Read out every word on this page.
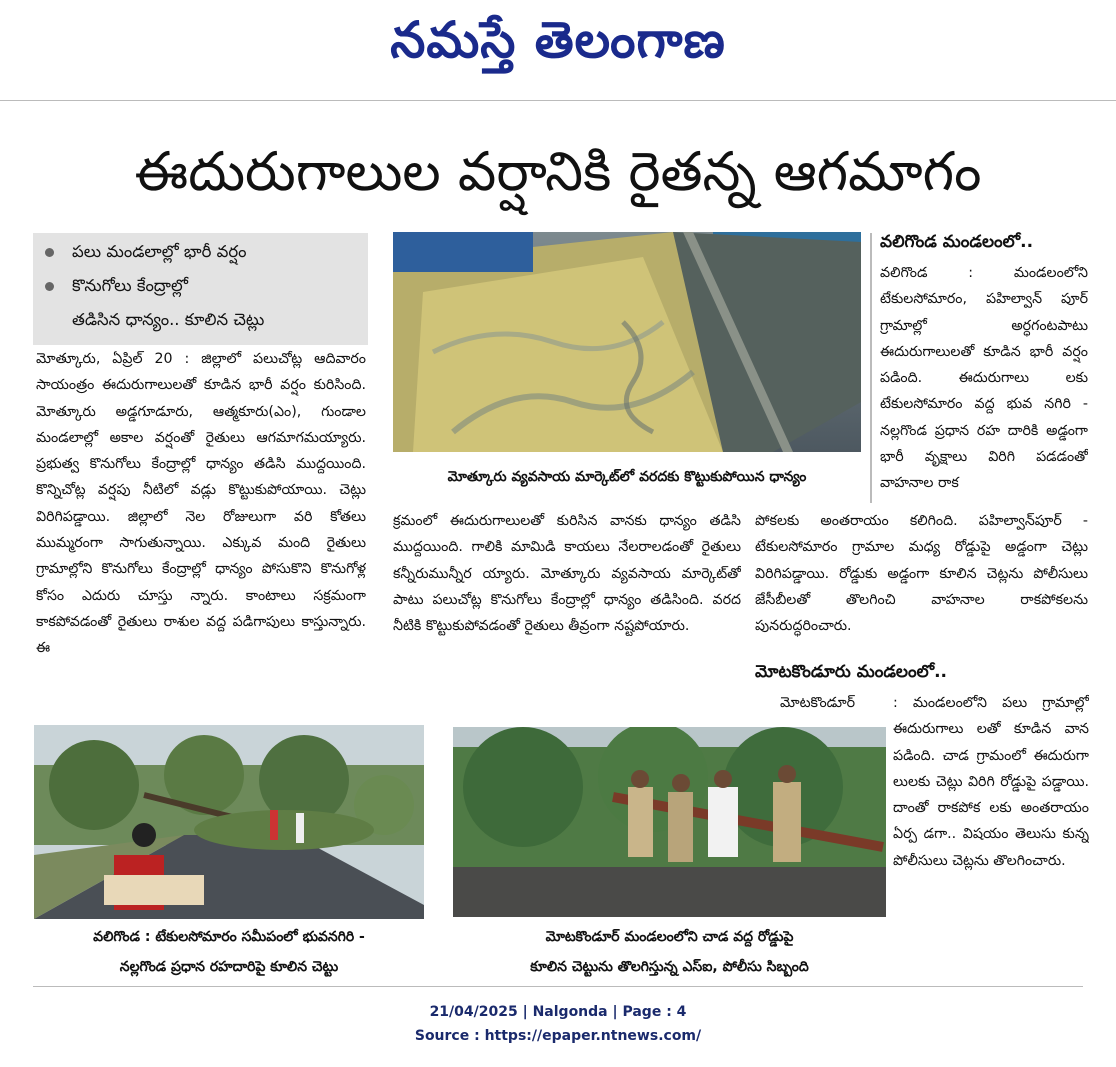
నమస్తే తెలంగాణ
ఈదురుగాలుల వర్షానికి రైతన్న ఆగమాగం
పలు మండలాల్లో భారీ వర్షం
కొనుగోలు కేంద్రాల్లో
తడిసిన ధాన్యం.. కూలిన చెట్లు

మోత్కూరు, ఏప్రిల్ 20 : జిల్లాలో పలుచోట్ల ఆదివారం సాయంత్రం ఈదురుగాలులతో కూడిన భారీ వర్షం కురిసింది. మోత్కూరు అడ్డగూడూరు, ఆత్మకూరు(ఎం), గుండాల మండలాల్లో అకాల వర్షంతో రైతులు ఆగమాగమయ్యారు. ప్రభుత్వ కొనుగోలు కేంద్రాల్లో ధాన్యం తడిసి ముద్దయింది. కొన్నిచోట్ల వర్షపు నీటిలో వడ్లు కొట్టుకుపోయాయి. చెట్లు విరిగిపడ్డాయి. జిల్లాలో నెల రోజులుగా వరి కోతలు ముమ్మరంగా సాగుతున్నాయి. ఎక్కువ మంది రైతులు గ్రామాల్లోని కొనుగోలు కేంద్రాల్లో ధాన్యం పోసుకొని కొనుగోళ్ల కోసం ఎదురు చూస్తు న్నారు. కాంటాలు సక్రమంగా కాకపోవడంతో రైతులు రాశుల వద్ద పడిగాపులు కాస్తున్నారు. ఈ

మోత్కూరు వ్యవసాయ మార్కెట్‌లో వరదకు కొట్టుకుపోయిన ధాన్యం

క్రమంలో ఈదురుగాలులతో కురిసిన వానకు ధాన్యం తడిసి ముద్దయింది. గాలికి మామిడి కాయలు నేలరాలడంతో రైతులు కన్నీరుమున్నీర య్యారు. మోత్కూరు వ్యవసాయ మార్కెట్‌తో పాటు పలుచోట్ల కొనుగోలు కేంద్రాల్లో ధాన్యం తడిసింది. వరద నీటికి కొట్టుకుపోవడంతో రైతులు తీవ్రంగా నష్టపోయారు.

వలిగొండ మండలంలో..

వలిగొండ : మండలంలోని టేకులసోమారం, పహిల్వాన్ పూర్ గ్రామాల్లో అర్ధగంటపాటు ఈదురుగాలులతో కూడిన భారీ వర్షం పడింది. ఈదురుగాలు లకు టేకులసోమారం వద్ద భువ నగిరి - నల్లగొండ ప్రధాన రహ దారికి అడ్డంగా భారీ వృక్షాలు విరిగి పడడంతో వాహనాల రాక

పోకలకు అంతరాయం కలిగింది. పహిల్వాన్‌పూర్ - టేకులసోమారం గ్రామాల మధ్య రోడ్డుపై అడ్డంగా చెట్లు విరిగిపడ్డాయి. రోడ్డుకు అడ్డంగా కూలిన చెట్లను పోలీసులు జేసీబీలతో తొలగించి వాహనాల రాకపోకలను పునరుద్ధరించారు.

మోటకొండూరు మండలంలో..
మోటకొండూర్	: మండలంలోని పలు గ్రామాల్లో ఈదురుగాలు లతో కూడిన వాన పడింది. చాడ గ్రామంలో ఈదురుగా లులకు చెట్లు విరిగి రోడ్డుపై పడ్డాయి. దాంతో రాకపోక లకు అంతరాయం ఏర్ప డగా.. విషయం తెలుసు కున్న పోలీసులు చెట్లను తొలగించారు.

వలిగొండ : టేకులసోమారం సమీపంలో భువనగిరి -
నల్లగొండ ప్రధాన రహదారిపై కూలిన చెట్టు
మోటకొండూర్ మండలంలోని చాడ వద్ద రోడ్డుపై
కూలిన చెట్టును తొలగిస్తున్న ఎస్ఐ, పోలీసు సిబ్బంది
21/04/2025 | Nalgonda | Page : 4
Source : https://epaper.ntnews.com/
